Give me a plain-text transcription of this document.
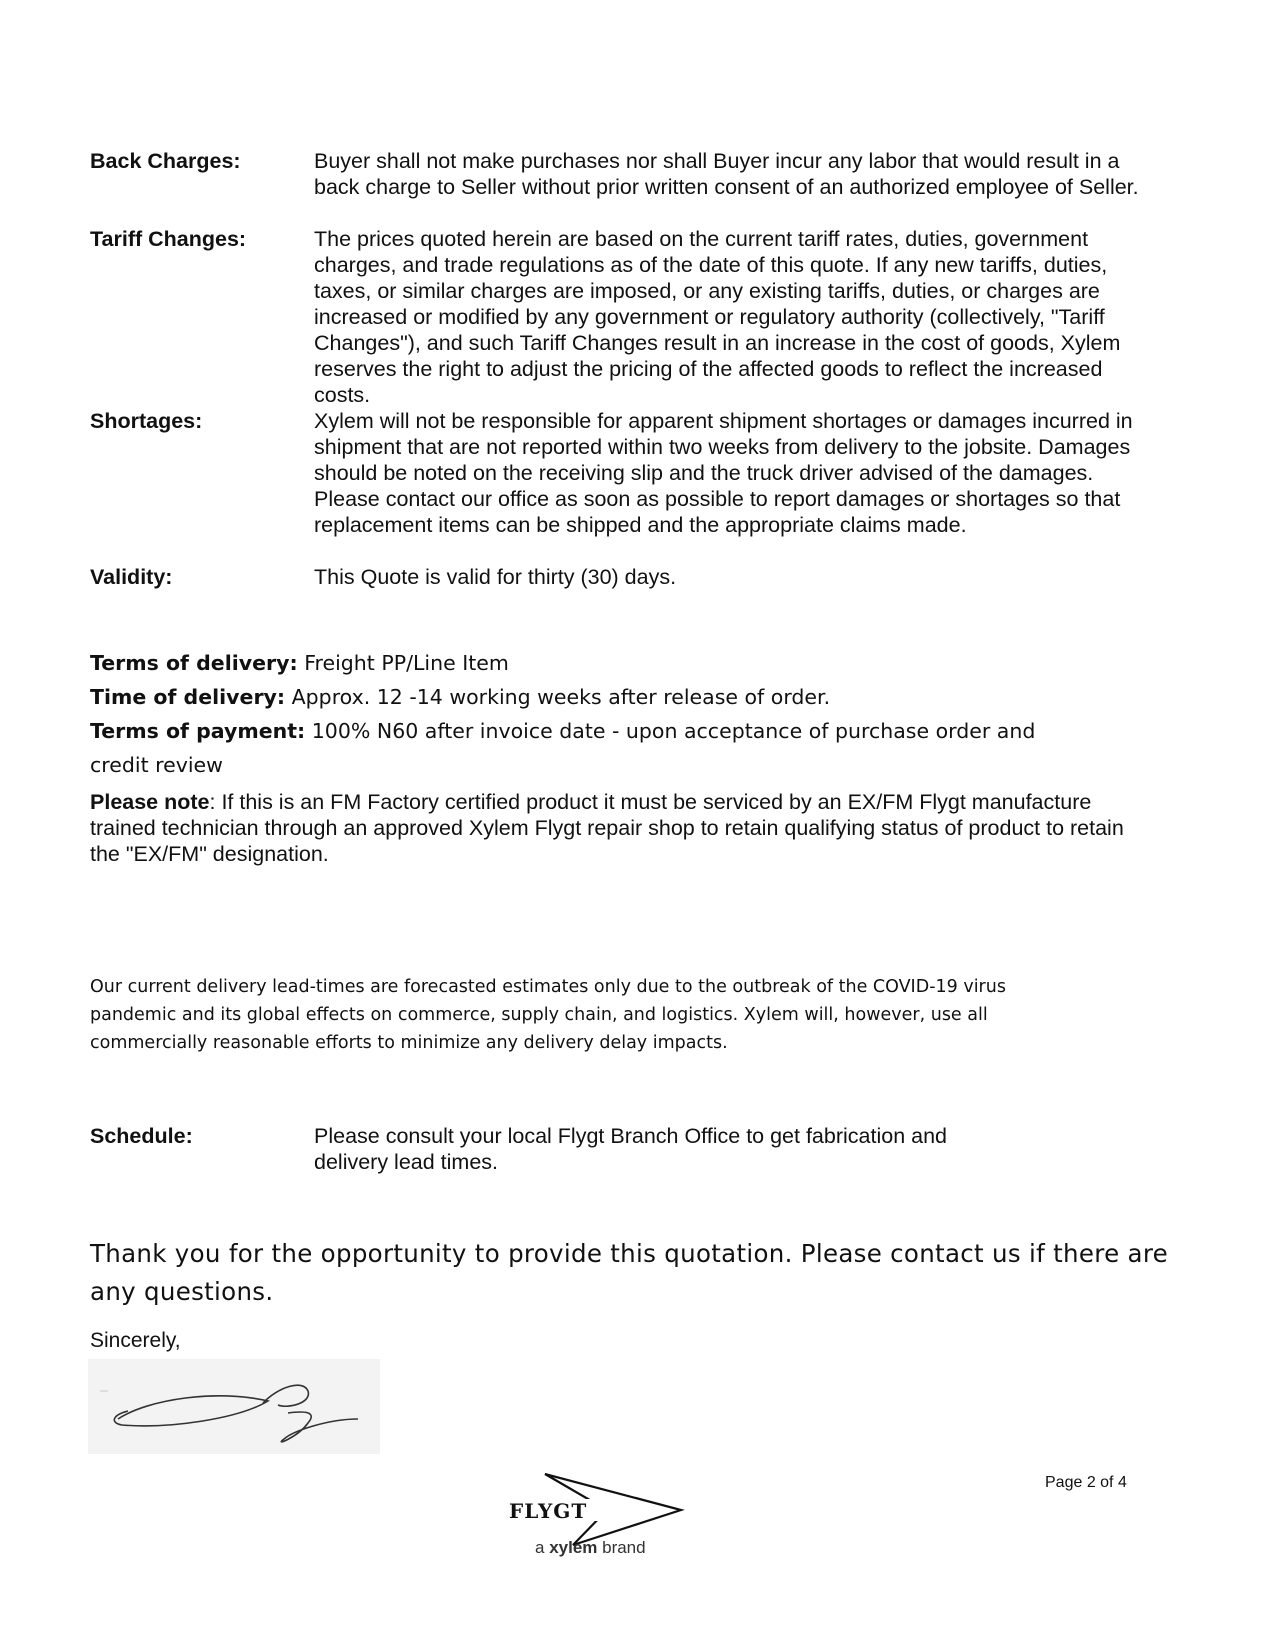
Back Charges:	Buyer shall not make purchases nor shall Buyer incur any labor that would result in a back charge to Seller without prior written consent of an authorized employee of Seller.
Tariff Changes:	The prices quoted herein are based on the current tariff rates, duties, government charges, and trade regulations as of the date of this quote. If any new tariffs, duties, taxes, or similar charges are imposed, or any existing tariffs, duties, or charges are increased or modified by any government or regulatory authority (collectively, "Tariff Changes"), and such Tariff Changes result in an increase in the cost of goods, Xylem reserves the right to adjust the pricing of the affected goods to reflect the increased costs.
Shortages:	Xylem will not be responsible for apparent shipment shortages or damages incurred in shipment that are not reported within two weeks from delivery to the jobsite. Damages should be noted on the receiving slip and the truck driver advised of the damages. Please contact our office as soon as possible to report damages or shortages so that replacement items can be shipped and the appropriate claims made.
Validity:	This Quote is valid for thirty (30) days.
Terms of delivery: Freight PP/Line Item
Time of delivery: Approx. 12 -14 working weeks after release of order.
Terms of payment: 100% N60 after invoice date - upon acceptance of purchase order and
credit review
Please note: If this is an FM Factory certified product it must be serviced by an EX/FM Flygt manufacture trained technician through an approved Xylem Flygt repair shop to retain qualifying status of product to retain the "EX/FM" designation.
Our current delivery lead-times are forecasted estimates only due to the outbreak of the COVID-19 virus pandemic and its global effects on commerce, supply chain, and logistics. Xylem will, however, use all commercially reasonable efforts to minimize any delivery delay impacts.
Schedule:	Please consult your local Flygt Branch Office to get fabrication and delivery lead times.
Thank you for the opportunity to provide this quotation. Please contact us if there are any questions.
Sincerely,
Page 2 of 4
FLYGT
a xylem brand
